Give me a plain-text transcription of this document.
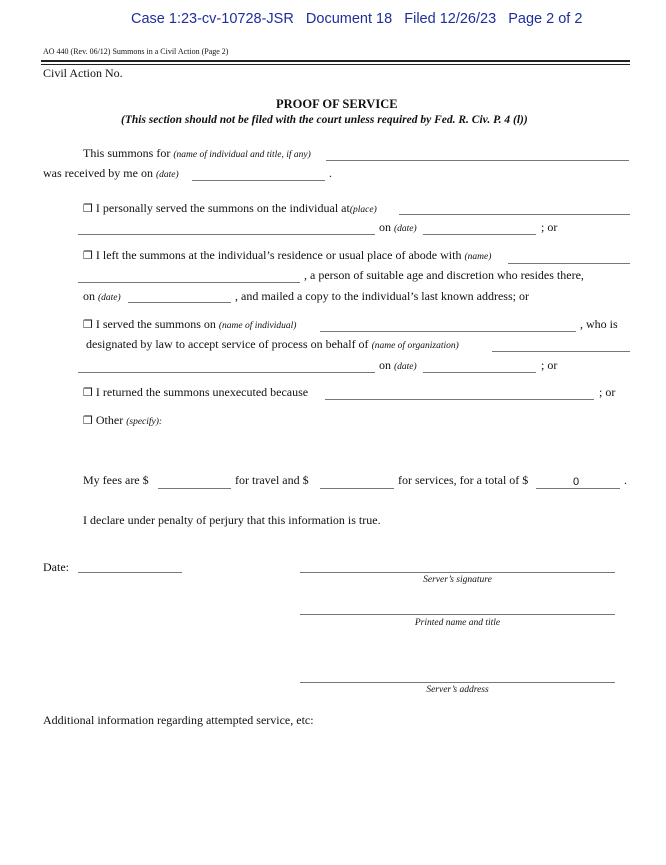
Case 1:23-cv-10728-JSR Document 18 Filed 12/26/23 Page 2 of 2
AO 440 (Rev. 06/12) Summons in a Civil Action (Page 2)
Civil Action No.
PROOF OF SERVICE
(This section should not be filed with the court unless required by Fed. R. Civ. P. 4 (l))
This summons for (name of individual and title, if any)
was received by me on (date)	.
❒ I personally served the summons on the individual at(place)
on (date)	; or
❒ I left the summons at the individual’s residence or usual place of abode with (name)
, a person of suitable age and discretion who resides there,
on (date)	, and mailed a copy to the individual’s last known address; or
❒ I served the summons on (name of individual)	, who is
designated by law to accept service of process on behalf of (name of organization)
on (date)	; or
❒ I returned the summons unexecuted because	; or
❒ Other (specify):
My fees are $	for travel and $	for services, for a total of $	0	.
I declare under penalty of perjury that this information is true.
Date:
Server’s signature
Printed name and title
Server’s address
Additional information regarding attempted service, etc:
